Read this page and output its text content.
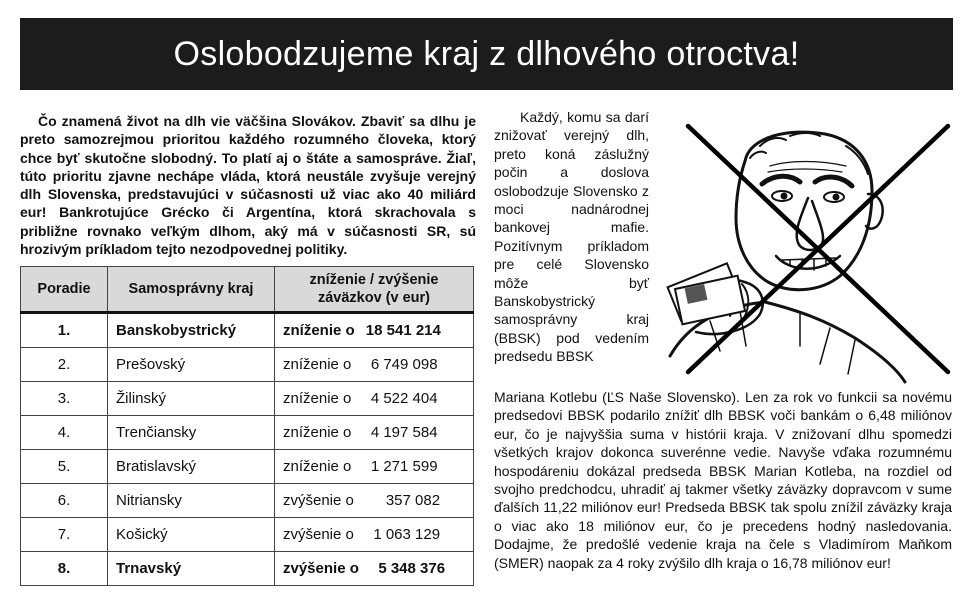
Oslobodzujeme kraj z dlhového otroctva!
Čo znamená život na dlh vie väčšina Slovákov. Zbaviť sa dlhu je preto samozrejmou prioritou každého rozumného človeka, ktorý chce byť skutočne slobodný. To platí aj o štáte a samospráve. Žiaľ, túto prioritu zjavne nechápe vláda, ktorá neustále zvyšuje verejný dlh Slovenska, predstavujúci v súčasnosti už viac ako 40 miliárd eur! Bankrotujúce Grécko či Argentína, ktorá skrachovala s približne rovnako veľkým dlhom, aký má v súčasnosti SR, sú hrozivým príkladom tejto nezodpovednej politiky.
Poradie	Samosprávny kraj	zníženie / zvýšenie záväzkov (v eur)
1.	Banskobystrický	zníženie o 18 541 214
2.	Prešovský	zníženie o 6 749 098
3.	Žilinský	zníženie o 4 522 404
4.	Trenčiansky	zníženie o 4 197 584
5.	Bratislavský	zníženie o 1 271 599
6.	Nitriansky	zvýšenie o 357 082
7.	Košický	zvýšenie o 1 063 129
8.	Trnavský	zvýšenie o 5 348 376
Každý, komu sa darí znižovať verejný dlh, preto koná záslužný počin a doslova oslobodzuje Slovensko z moci nadnárodnej bankovej mafie. Pozitívnym príkladom pre celé Slovensko môže byť Banskobystrický samosprávny kraj (BBSK) pod vedením predsedu BBSK
Mariana Kotlebu (ĽS Naše Slovensko). Len za rok vo funkcii sa novému predsedovi BBSK podarilo znížiť dlh BBSK voči bankám o 6,48 miliónov eur, čo je najvyššia suma v histórii kraja. V znižovaní dlhu spomedzi všetkých krajov dokonca suverénne vedie. Navyše vďaka rozumnému hospodáreniu dokázal predseda BBSK Marian Kotleba, na rozdiel od svojho predchodcu, uhradiť aj takmer všetky záväzky dopravcom v sume ďalších 11,22 miliónov eur! Predseda BBSK tak spolu znížil záväzky kraja o viac ako 18 miliónov eur, čo je precedens hodný nasledovania. Dodajme, že predošlé vedenie kraja na čele s Vladimírom Maňkom (SMER) naopak za 4 roky zvýšilo dlh kraja o 16,78 miliónov eur!
